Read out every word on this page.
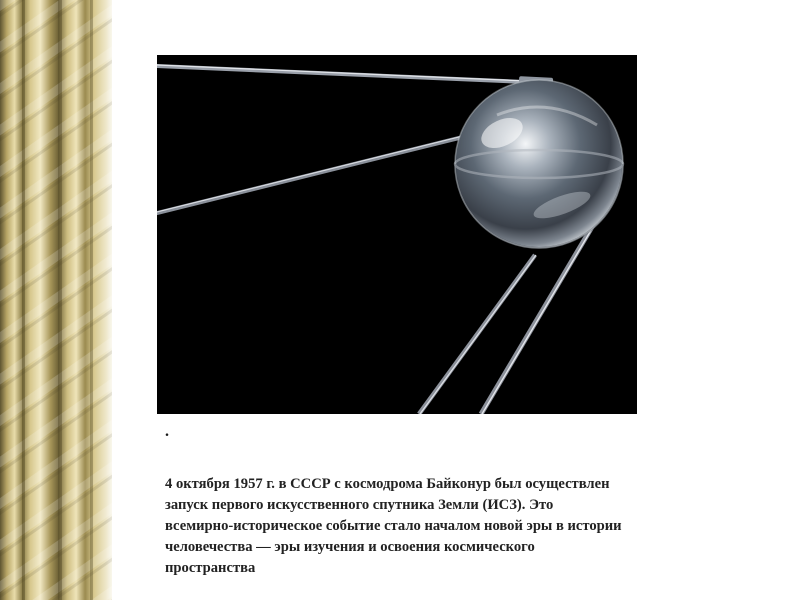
.

4 октября 1957 г. в СССР с космодрома Байконур был осуществлен запуск первого искусственного спутника Земли (ИСЗ). Это всемирно-историческое событие стало началом новой эры в истории человечества — эры изучения и освоения космического пространства
